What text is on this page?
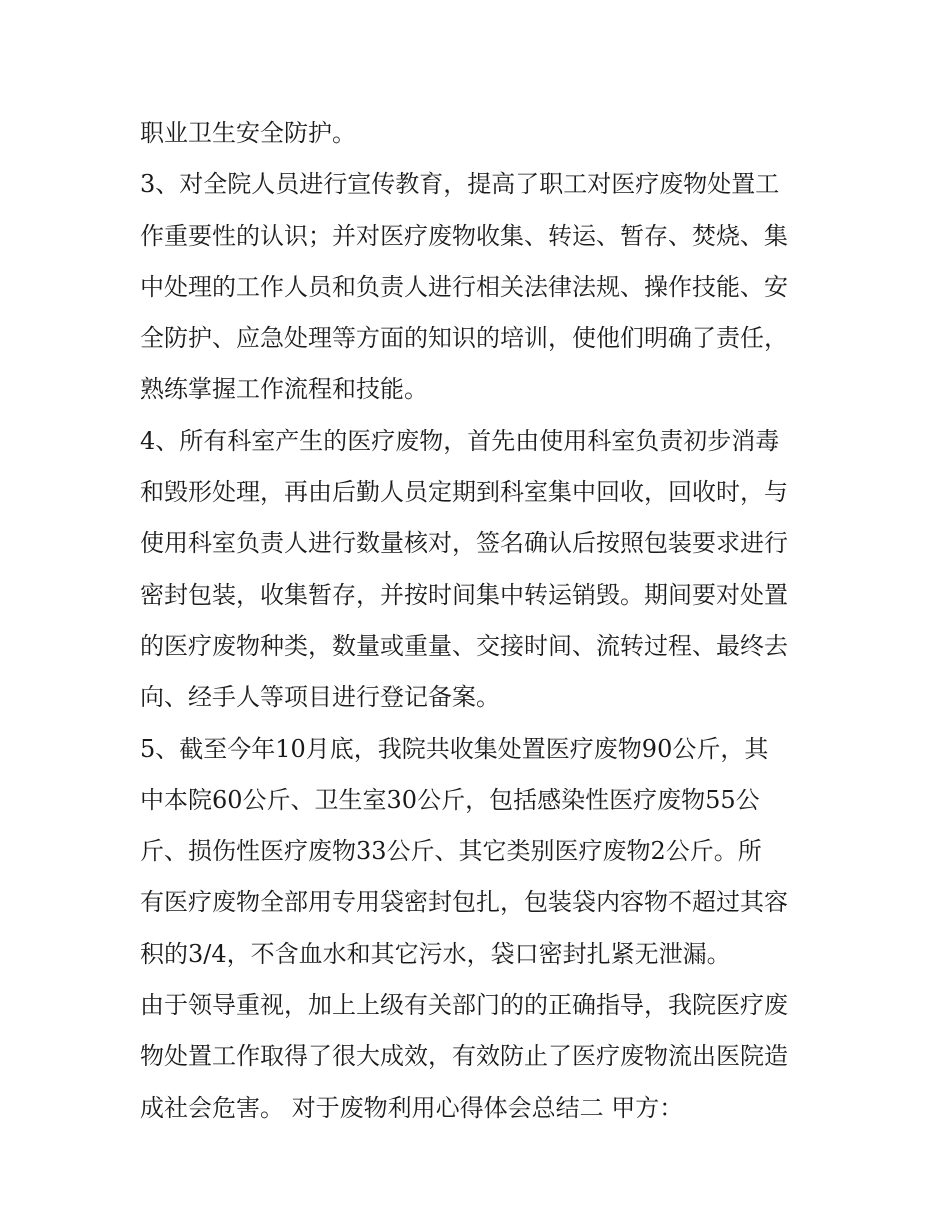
职业卫生安全防护。
3、对全院人员进行宣传教育，提高了职工对医疗废物处置工
作重要性的认识；并对医疗废物收集、转运、暂存、焚烧、集
中处理的工作人员和负责人进行相关法律法规、操作技能、安
全防护、应急处理等方面的知识的培训，使他们明确了责任，
熟练掌握工作流程和技能。
4、所有科室产生的医疗废物，首先由使用科室负责初步消毒
和毁形处理，再由后勤人员定期到科室集中回收，回收时，与
使用科室负责人进行数量核对，签名确认后按照包装要求进行
密封包装，收集暂存，并按时间集中转运销毁。期间要对处置
的医疗废物种类，数量或重量、交接时间、流转过程、最终去
向、经手人等项目进行登记备案。
5、截至今年10月底，我院共收集处置医疗废物90公斤，其
中本院60公斤、卫生室30公斤，包括感染性医疗废物55公
斤、损伤性医疗废物33公斤、其它类别医疗废物2公斤。所
有医疗废物全部用专用袋密封包扎，包装袋内容物不超过其容
积的3/4，不含血水和其它污水，袋口密封扎紧无泄漏。
由于领导重视，加上上级有关部门的的正确指导，我院医疗废
物处置工作取得了很大成效，有效防止了医疗废物流出医院造
成社会危害。 对于废物利用心得体会总结二 甲方：
